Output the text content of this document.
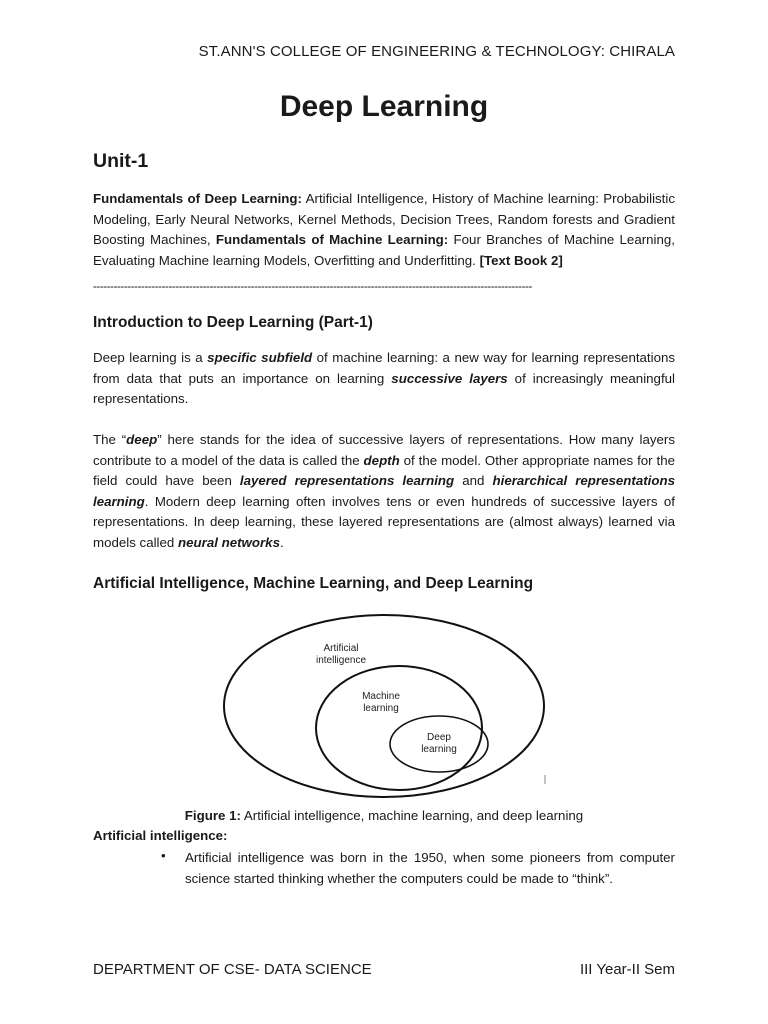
ST.ANN'S COLLEGE OF ENGINEERING & TECHNOLOGY: CHIRALA
Deep Learning
Unit-1
Fundamentals of Deep Learning: Artificial Intelligence, History of Machine learning: Probabilistic Modeling, Early Neural Networks, Kernel Methods, Decision Trees, Random forests and Gradient Boosting Machines, Fundamentals of Machine Learning: Four Branches of Machine Learning, Evaluating Machine learning Models, Overfitting and Underfitting. [Text Book 2]
--------------------------------------------------------------------------------------------------------------------------------
Introduction to Deep Learning (Part-1)
Deep learning is a specific subfield of machine learning: a new way for learning representations from data that puts an importance on learning successive layers of increasingly meaningful representations.
The “deep” here stands for the idea of successive layers of representations. How many layers contribute to a model of the data is called the depth of the model. Other appropriate names for the field could have been layered representations learning and hierarchical representations learning. Modern deep learning often involves tens or even hundreds of successive layers of representations. In deep learning, these layered representations are (almost always) learned via models called neural networks.
Artificial Intelligence, Machine Learning, and Deep Learning
Artificial
intelligence
Machine
learning
Deep
learning
Figure 1: Artificial intelligence, machine learning, and deep learning
Artificial intelligence:
• Artificial intelligence was born in the 1950, when some pioneers from computer science started thinking whether the computers could be made to “think”.
DEPARTMENT OF CSE- DATA SCIENCE	III Year-II Sem
